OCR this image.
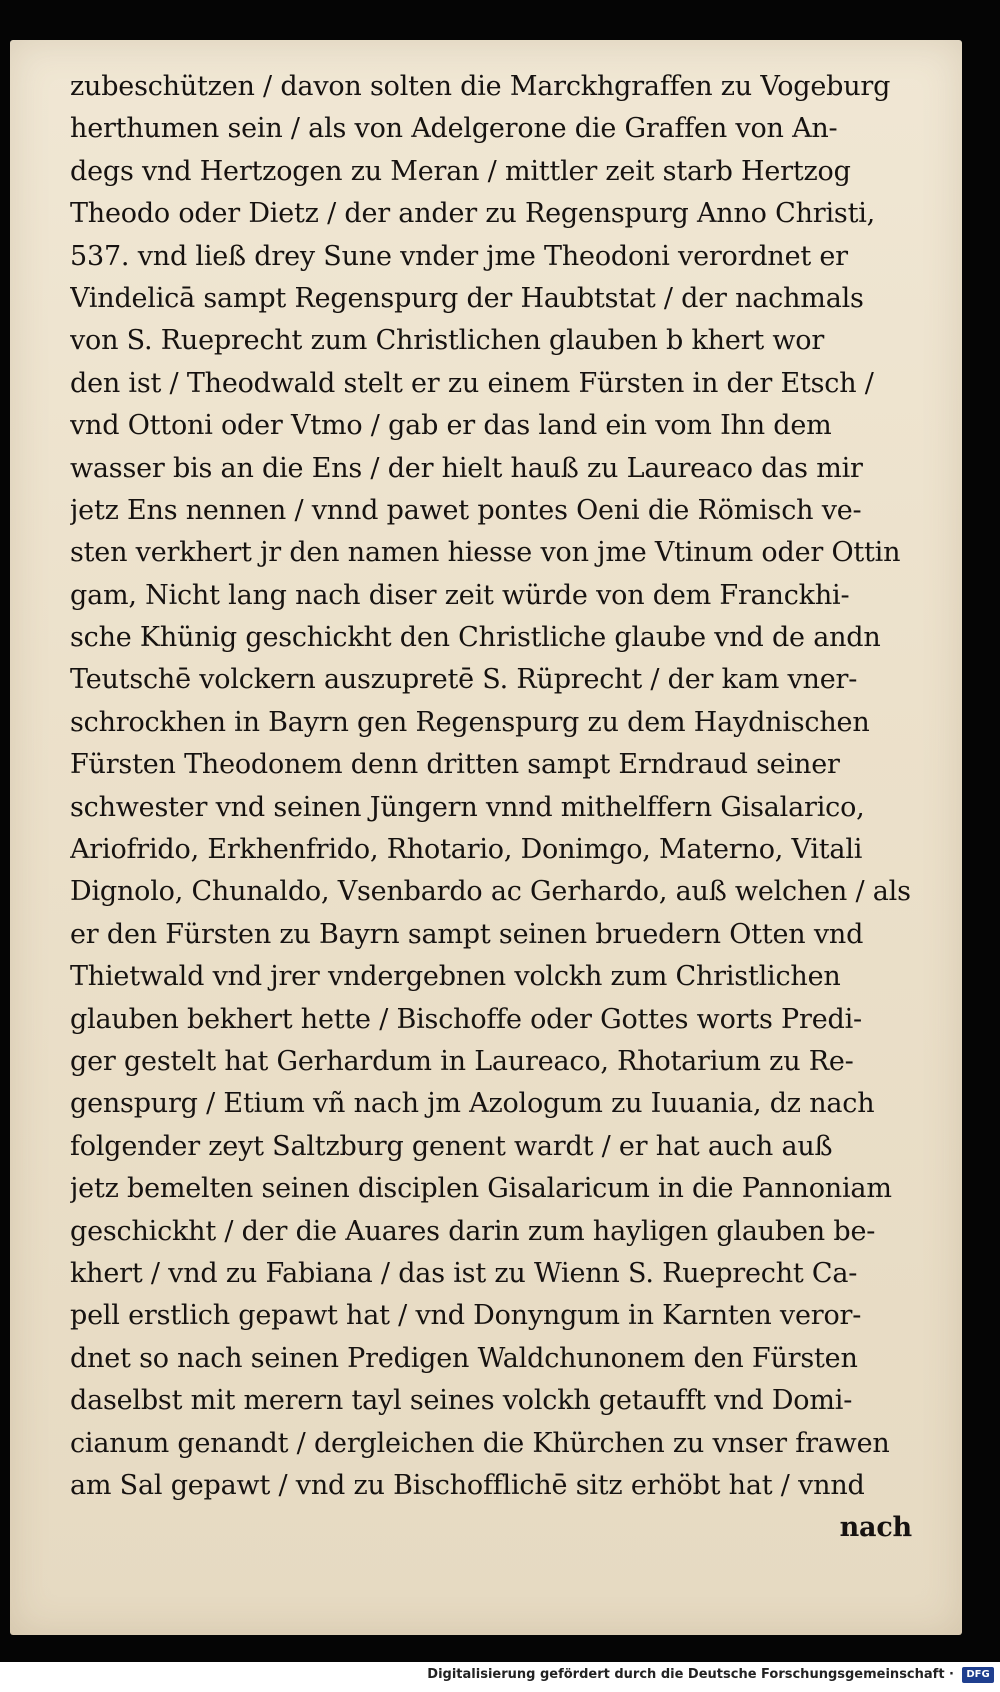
zubeschützen / davon solten die Marckhgraffen zu Vogeburg
herthumen sein / als von Adelgerone die Graffen von An-
degs vnd Hertzogen zu Meran / mittler zeit starb Hertzog
Theodo oder Dietz / der ander zu Regenspurg Anno Christi,
537. vnd ließ drey Sune vnder jme Theodoni verordnet er
Vindelicā sampt Regenspurg der Haubtstat / der nachmals
von S. Rueprecht zum Christlichen glauben b khert wor
den ist / Theodwald stelt er zu einem Fürsten in der Etsch /
vnd Ottoni oder Vtmo / gab er das land ein vom Ihn dem
wasser bis an die Ens / der hielt hauß zu Laureaco das mir
jetz Ens nennen / vnnd pawet pontes Oeni die Römisch ve-
sten verkhert jr den namen hiesse von jme Vtinum oder Ottin
gam, Nicht lang nach diser zeit würde von dem Franckhi-
sche Khünig geschickht den Christliche glaube vnd de andn
Teutschē volckern auszupretē S. Rüprecht / der kam vner-
schrockhen in Bayrn gen Regenspurg zu dem Haydnischen
Fürsten Theodonem denn dritten sampt Erndraud seiner
schwester vnd seinen Jüngern vnnd mithelffern Gisalarico,
Ariofrido, Erkhenfrido, Rhotario, Donimgo, Materno, Vitali
Dignolo, Chunaldo, Vsenbardo ac Gerhardo, auß welchen / als
er den Fürsten zu Bayrn sampt seinen bruedern Otten vnd
Thietwald vnd jrer vndergebnen volckh zum Christlichen
glauben bekhert hette / Bischoffe oder Gottes worts Predi-
ger gestelt hat Gerhardum in Laureaco, Rhotarium zu Re-
genspurg / Etium vñ nach jm Azologum zu Iuuania, dz nach
folgender zeyt Saltzburg genent wardt / er hat auch auß
jetz bemelten seinen disciplen Gisalaricum in die Pannoniam
geschickht / der die Auares darin zum hayligen glauben be-
khert / vnd zu Fabiana / das ist zu Wienn S. Rueprecht Ca-
pell erstlich gepawt hat / vnd Donyngum in Karnten veror-
dnet so nach seinen Predigen Waldchunonem den Fürsten
daselbst mit merern tayl seines volckh getaufft vnd Domi-
cianum genandt / dergleichen die Khürchen zu vnser frawen
am Sal gepawt / vnd zu Bischofflichē sitz erhöbt hat / vnnd
nach
Digitalisierung gefördert durch die Deutsche Forschungsgemeinschaft ·	DFG
